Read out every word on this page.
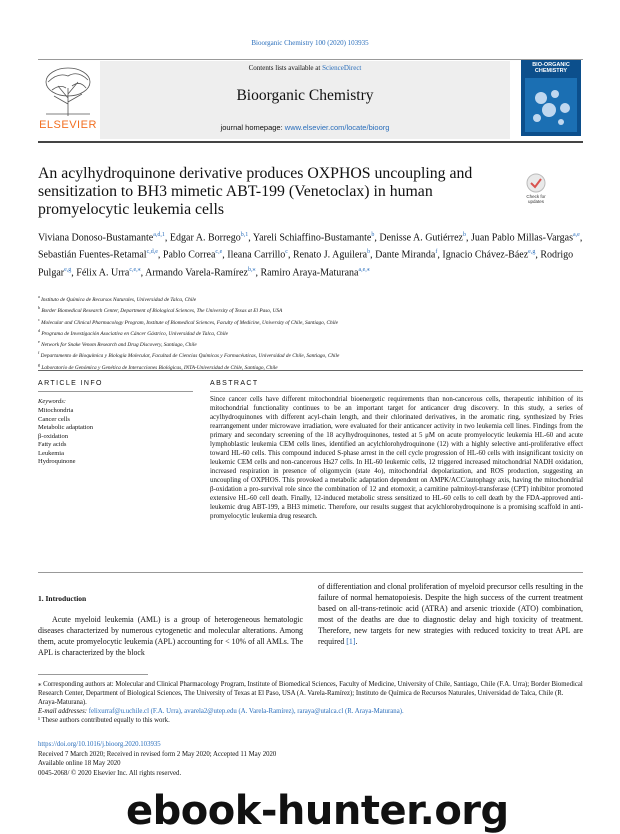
Bioorganic Chemistry 100 (2020) 103935
Contents lists available at ScienceDirect
Bioorganic Chemistry
journal homepage: www.elsevier.com/locate/bioorg
ELSEVIER
BIO-ORGANIC CHEMISTRY
An acylhydroquinone derivative produces OXPHOS uncoupling and sensitization to BH3 mimetic ABT-199 (Venetoclax) in human promyelocytic leukemia cells
Check for
updates
Viviana Donoso-Bustamante$^{a,d,1}$, Edgar A. Borrego$^{b,1}$, Yareli Schiaffino-Bustamante$^b$, Denisse A. Gutiérrez$^b$, Juan Pablo Millas-Vargas$^{a,e}$, Sebastián Fuentes-Retamal$^{c,d,e}$, Pablo Correa$^{c,e}$, Ileana Carrillo$^c$, Renato J. Aguilera$^b$, Dante Miranda$^f$, Ignacio Chávez-Báez$^{e,g}$, Rodrigo Pulgar$^{e,g}$, Félix A. Urra$^{c,e,⁎}$, Armando Varela-Ramírez$^{b,⁎}$, Ramiro Araya-Maturana$^{a,e,⁎}$
$^a$ Instituto de Química de Recursos Naturales, Universidad de Talca, Chile
$^b$ Border Biomedical Research Center, Department of Biological Sciences, The University of Texas at El Paso, USA
$^c$ Molecular and Clinical Pharmacology Program, Institute of Biomedical Sciences, Faculty of Medicine, University of Chile, Santiago, Chile
$^d$ Programa de Investigación Asociativa en Cáncer Gástrico, Universidad de Talca, Chile
$^e$ Network for Snake Venom Research and Drug Discovery, Santiago, Chile
$^f$ Departamento de Bioquímica y Biología Molecular, Facultad de Ciencias Químicas y Farmacéuticas, Universidad de Chile, Santiago, Chile
$^g$ Laboratorio de Genómica y Genética de Interacciones Biológicas, INTA-Universidad de Chile, Santiago, Chile
ARTICLE INFO	ABSTRACT
Keywords:
Mitochondria
Cancer cells
Metabolic adaptation
β-oxidation
Fatty acids
Leukemia
Hydroquinone
Since cancer cells have different mitochondrial bioenergetic requirements than non-cancerous cells, therapeutic inhibition of its mitochondrial functionality continues to be an important target for anticancer drug discovery. In this study, a series of acylhydroquinones with different acyl-chain length, and their chlorinated derivatives, in the aromatic ring, synthesized by Fries rearrangement under microwave irradiation, were evaluated for their anticancer activity in two leukemia cell lines. Findings from the primary and secondary screening of the 18 acylhydroquinones, tested at 5 μM on acute promyelocytic leukemia HL-60 and acute lymphoblastic leukemia CEM cells lines, identified an acylchlorohydroquinone (12) with a highly selective anti-proliferative effect toward HL-60 cells. This compound induced S-phase arrest in the cell cycle progression of HL-60 cells with insignificant toxicity on leukemic CEM cells and non-cancerous Hs27 cells. In HL-60 leukemic cells, 12 triggered increased mitochondrial NADH oxidation, increased respiration in presence of oligomycin (state 4o), mitochondrial depolarization, and ROS production, suggesting an uncoupling of OXPHOS. This provoked a metabolic adaptation dependent on AMPK/ACC/autophagy axis, having the mitochondrial β-oxidation a pro-survival role since the combination of 12 and etomoxir, a carnitine palmitoyl-transferase (CPT) inhibitor promoted extensive HL-60 cell death. Finally, 12-induced metabolic stress sensitized to HL-60 cells to cell death by the FDA-approved anti-leukemic drug ABT-199, a BH3 mimetic. Therefore, our results suggest that acylchlorohydroquinone is a promising scaffold in anti-promyelocytic leukemia drug research.
1. Introduction
Acute myeloid leukemia (AML) is a group of heterogeneous hematologic diseases characterized by numerous cytogenetic and molecular alterations. Among them, acute promyelocytic leukemia (APL) accounting for < 10% of all AMLs. The APL is characterized by the block
of differentiation and clonal proliferation of myeloid precursor cells resulting in the failure of normal hematopoiesis. Despite the high success of the current treatment based on all-trans-retinoic acid (ATRA) and arsenic trioxide (ATO) combination, most of the deaths are due to diagnostic delay and high toxicity of treatment. Therefore, new targets for new strategies with reduced toxicity to treat APL are required [1].
⁎ Corresponding authors at: Molecular and Clinical Pharmacology Program, Institute of Biomedical Sciences, Faculty of Medicine, University of Chile, Santiago, Chile (F.A. Urra); Border Biomedical Research Center, Department of Biological Sciences, The University of Texas at El Paso, USA (A. Varela-Ramírez); Instituto de Química de Recursos Naturales, Universidad de Talca, Chile (R. Araya-Maturana).
E-mail addresses: felixurraf@u.uchile.cl (F.A. Urra), avarela2@utep.edu (A. Varela-Ramírez), raraya@utalca.cl (R. Araya-Maturana).
¹ These authors contributed equally to this work.
https://doi.org/10.1016/j.bioorg.2020.103935
Received 7 March 2020; Received in revised form 2 May 2020; Accepted 11 May 2020
Available online 18 May 2020
0045-2068/ © 2020 Elsevier Inc. All rights reserved.
ebook-hunter.org
